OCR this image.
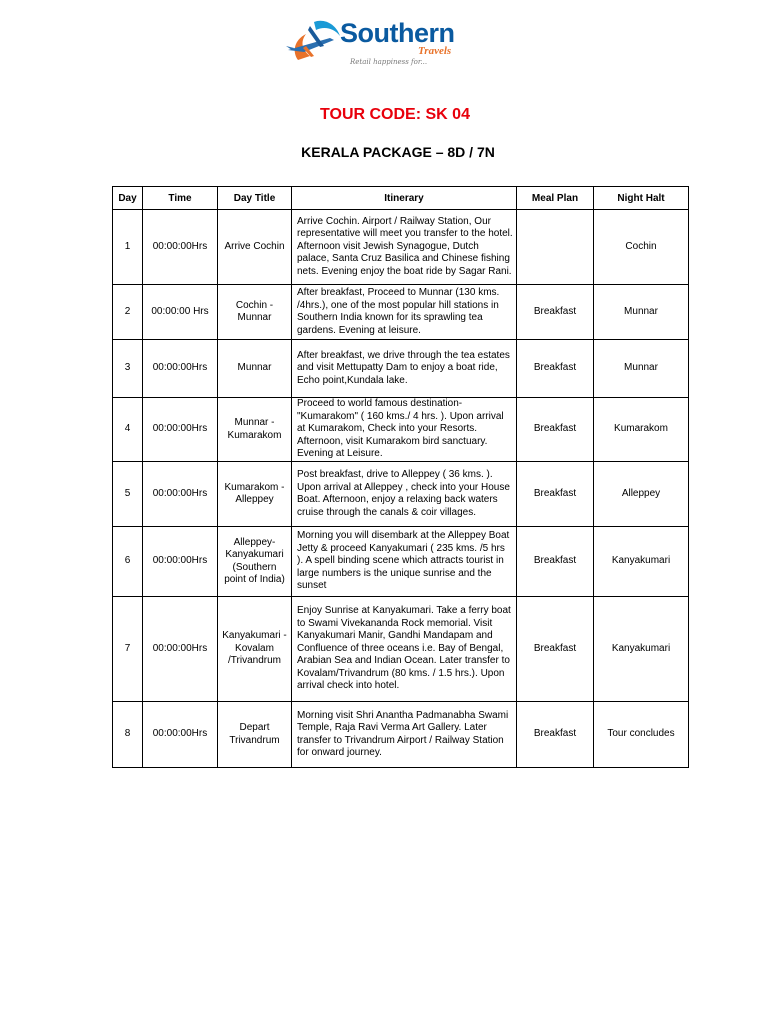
Southern
Travels
Retail happiness for...
TOUR CODE: SK 04
KERALA PACKAGE – 8D / 7N
Day	Time	Day Title	Itinerary	Meal Plan	Night Halt
1	00:00:00Hrs	Arrive Cochin	Arrive Cochin. Airport / Railway Station, Our representative will meet you transfer to the hotel. Afternoon visit Jewish Synagogue, Dutch palace, Santa Cruz Basilica and Chinese fishing nets. Evening enjoy the boat ride by Sagar Rani.		Cochin
2	00:00:00 Hrs	Cochin - Munnar	After breakfast, Proceed to Munnar (130 kms. /4hrs.), one of the most popular hill stations in Southern India known for its sprawling tea gardens. Evening at leisure.	Breakfast	Munnar
3	00:00:00Hrs	Munnar	After breakfast, we drive through the tea estates and visit Mettupatty Dam to enjoy a boat ride, Echo point,Kundala lake.	Breakfast	Munnar
4	00:00:00Hrs	Munnar - Kumarakom	Proceed to world famous destination- "Kumarakom" ( 160 kms./ 4 hrs. ). Upon arrival at Kumarakom, Check into your Resorts. Afternoon, visit Kumarakom bird sanctuary. Evening at Leisure.	Breakfast	Kumarakom
5	00:00:00Hrs	Kumarakom -Alleppey	Post breakfast, drive to Alleppey ( 36 kms. ). Upon arrival at Alleppey , check into your House Boat. Afternoon, enjoy a relaxing back waters cruise through the canals & coir villages.	Breakfast	Alleppey
6	00:00:00Hrs	Alleppey- Kanyakumari (Southern point of India)	Morning you will disembark at the Alleppey Boat Jetty & proceed Kanyakumari ( 235 kms. /5 hrs ). A spell binding scene which attracts tourist in large numbers is the unique sunrise and the sunset	Breakfast	Kanyakumari
7	00:00:00Hrs	Kanyakumari -Kovalam /Trivandrum	Enjoy Sunrise at Kanyakumari. Take a ferry boat to Swami Vivekananda Rock memorial. Visit Kanyakumari Manir, Gandhi Mandapam and Confluence of three oceans i.e. Bay of Bengal, Arabian Sea and Indian Ocean. Later transfer to Kovalam/Trivandrum (80 kms. / 1.5 hrs.). Upon arrival check into hotel.	Breakfast	Kanyakumari
8	00:00:00Hrs	Depart Trivandrum	Morning visit Shri Anantha Padmanabha Swami Temple, Raja Ravi Verma Art Gallery. Later transfer to Trivandrum Airport / Railway Station for onward journey.	Breakfast	Tour concludes
